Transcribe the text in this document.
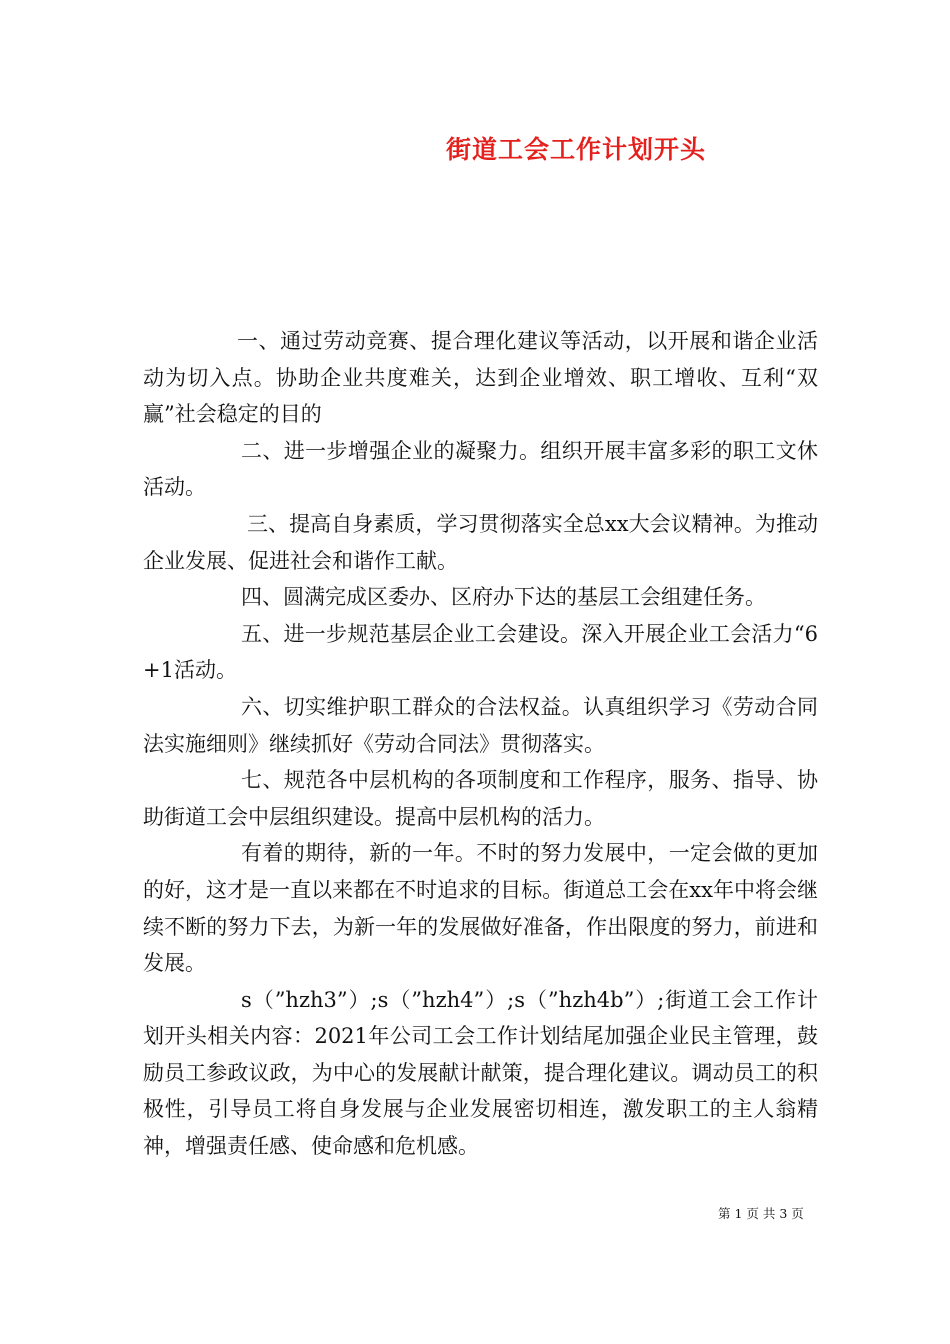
街道工会工作计划开头

一、通过劳动竞赛、提合理化建议等活动，以开展和谐企业活动为切入点。协助企业共度难关，达到企业增效、职工增收、互利“双赢”社会稳定的目的

二、进一步增强企业的凝聚力。组织开展丰富多彩的职工文休活动。

三、提高自身素质，学习贯彻落实全总xx大会议精神。为推动企业发展、促进社会和谐作工献。

四、圆满完成区委办、区府办下达的基层工会组建任务。

五、进一步规范基层企业工会建设。深入开展企业工会活力“6+1活动。

六、切实维护职工群众的合法权益。认真组织学习《劳动合同法实施细则》继续抓好《劳动合同法》贯彻落实。

七、规范各中层机构的各项制度和工作程序，服务、指导、协助街道工会中层组织建设。提高中层机构的活力。

有着的期待，新的一年。不时的努力发展中，一定会做的更加的好，这才是一直以来都在不时追求的目标。街道总工会在xx年中将会继续不断的努力下去，为新一年的发展做好准备，作出限度的努力，前进和发展。

s（”hzh3”）;s（”hzh4”）;s（”hzh4b”）;街道工会工作计划开头相关内容：2021年公司工会工作计划结尾加强企业民主管理，鼓励员工参政议政，为中心的发展献计献策，提合理化建议。调动员工的积极性，引导员工将自身发展与企业发展密切相连，激发职工的主人翁精神，增强责任感、使命感和危机感。

第 1 页 共 3 页
